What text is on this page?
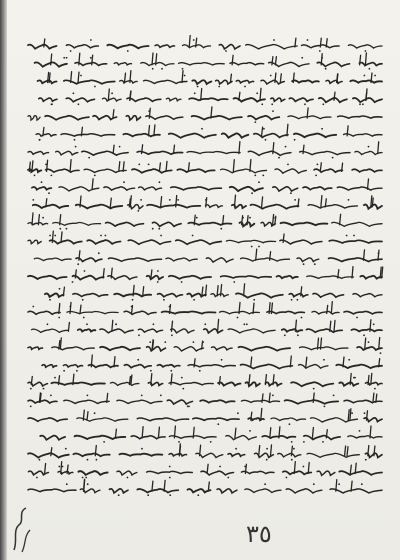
٣٥
